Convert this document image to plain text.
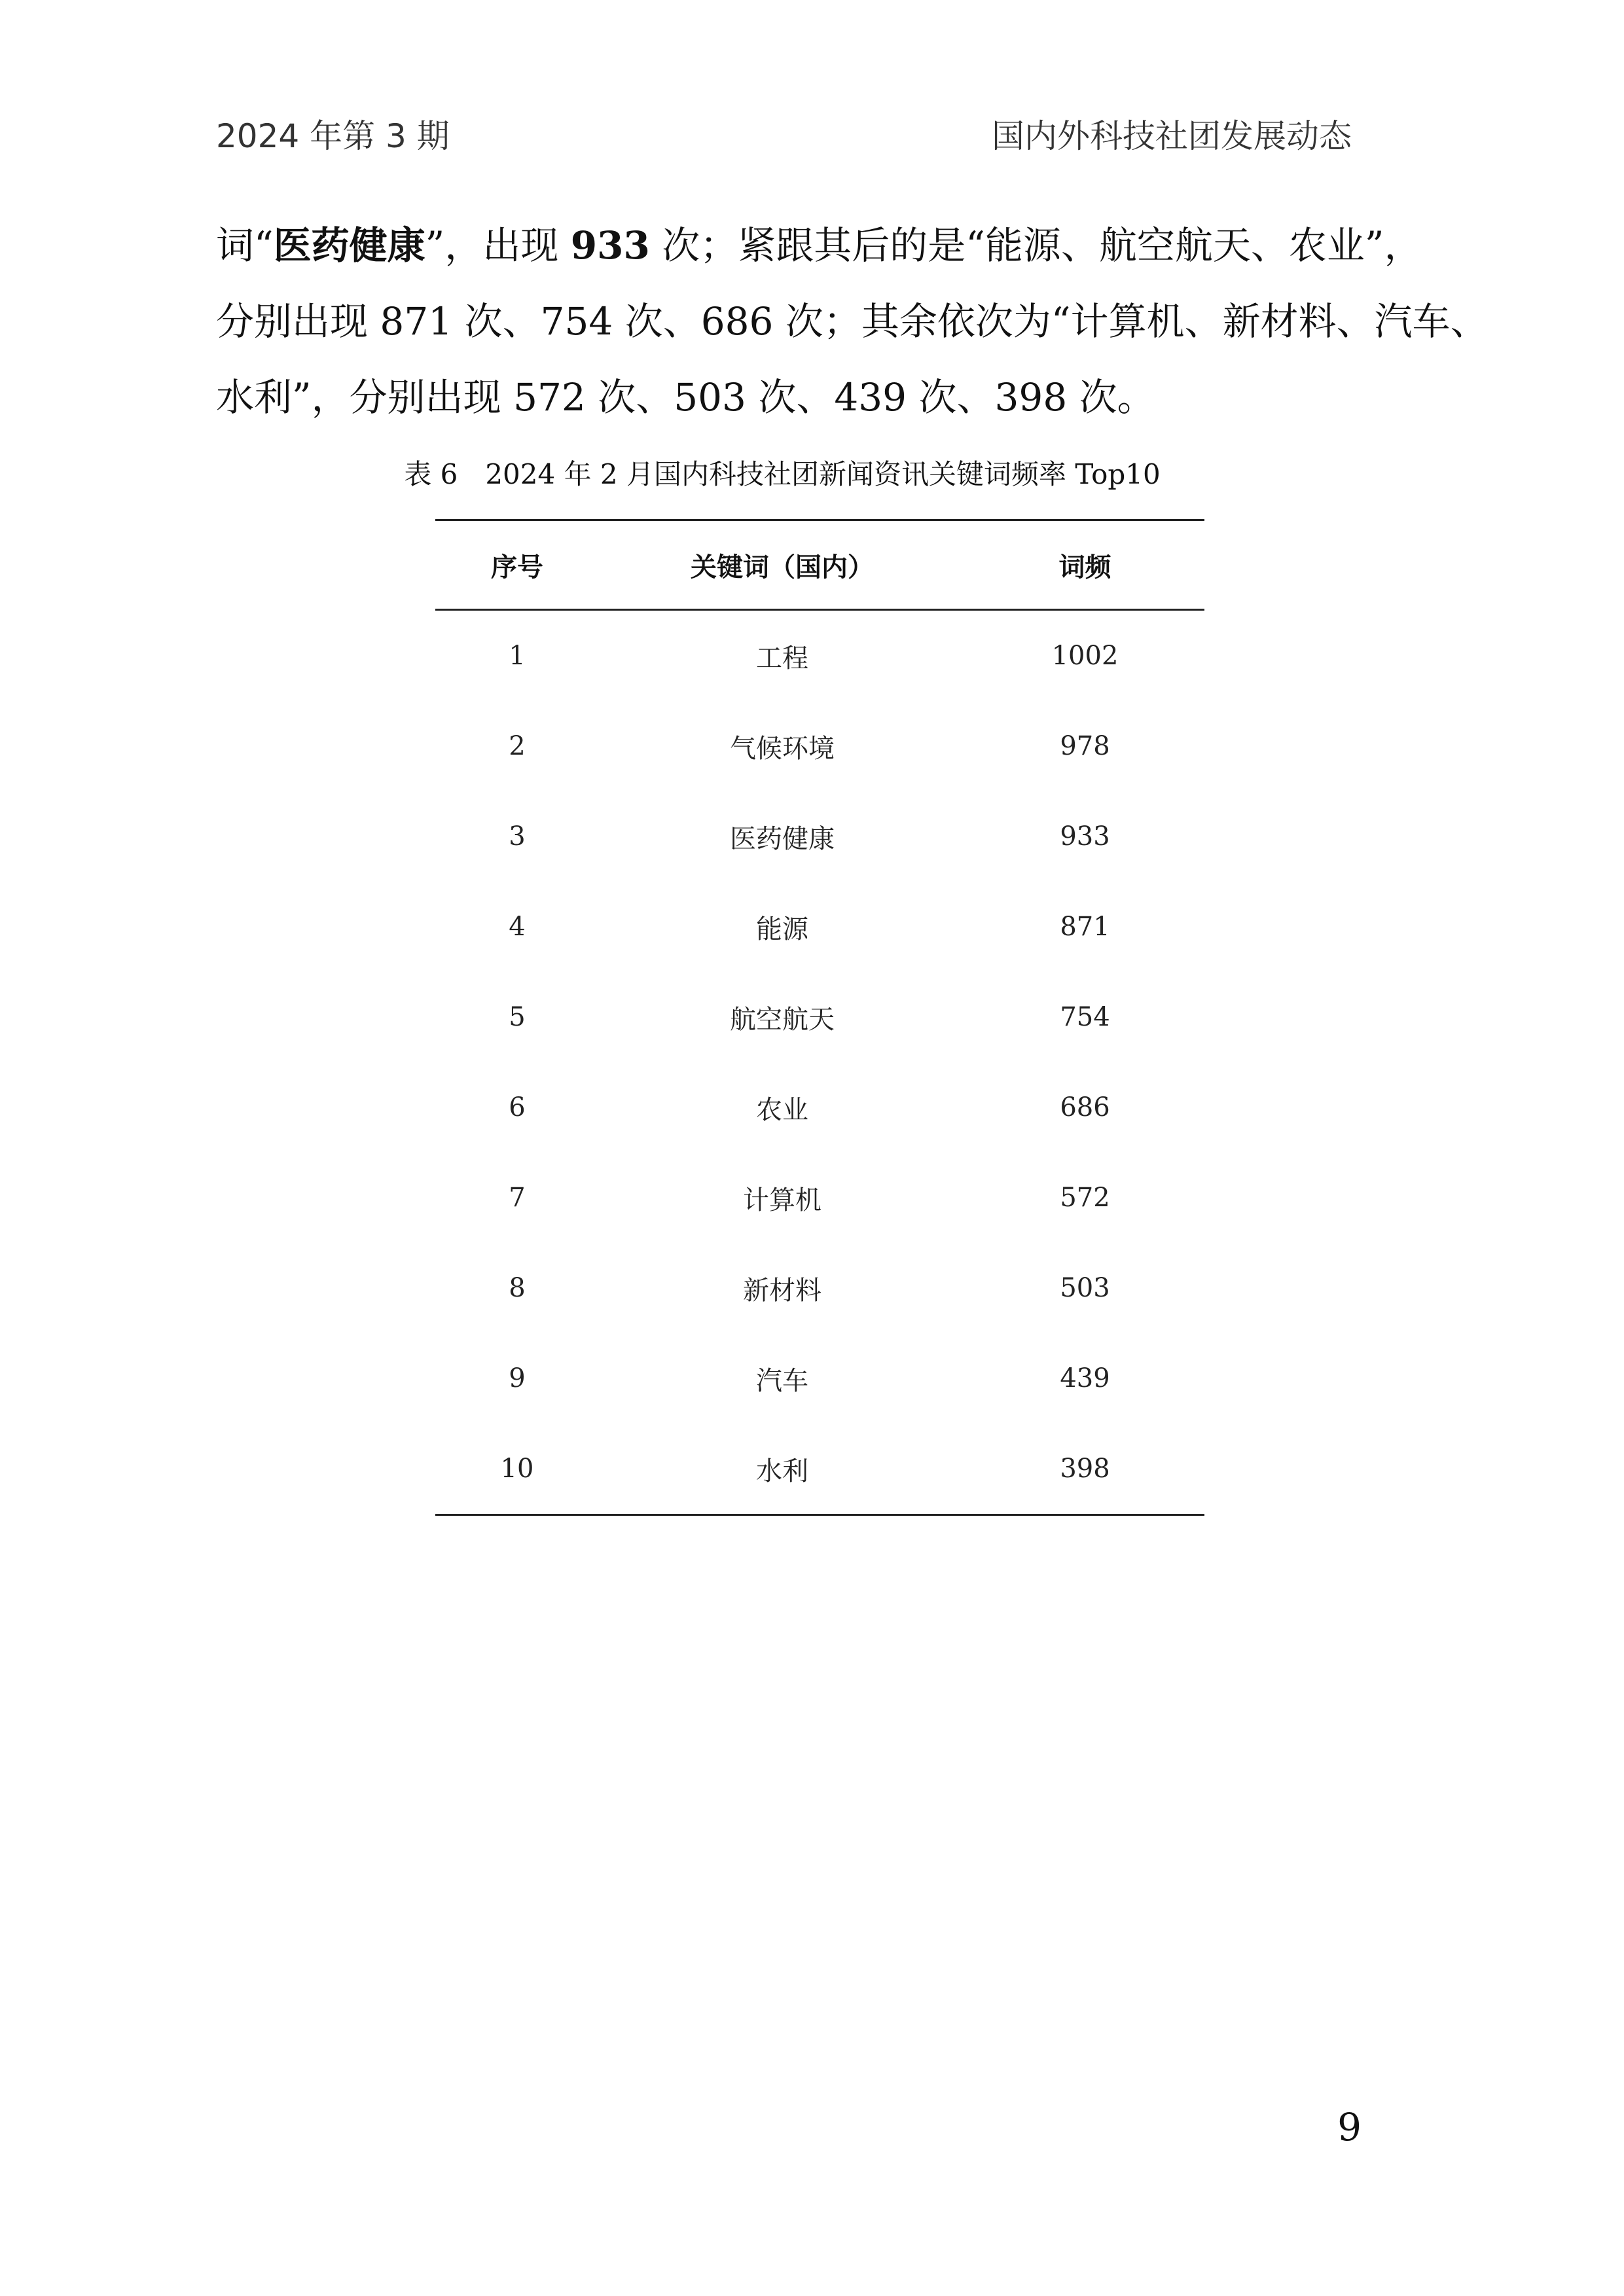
2024 年第 3 期	国内外科技社团发展动态
词“医药健康”，出现 933 次；紧跟其后的是“能源、航空航天、农业”，
分别出现 871 次、754 次、686 次；其余依次为“计算机、新材料、汽车、
水利”，分别出现 572 次、503 次、439 次、398 次。
表 6　2024 年 2 月国内科技社团新闻资讯关键词频率 Top10
序号	关键词（国内）	词频
1	工程	1002
2	气候环境	978
3	医药健康	933
4	能源	871
5	航空航天	754
6	农业	686
7	计算机	572
8	新材料	503
9	汽车	439
10	水利	398
9
